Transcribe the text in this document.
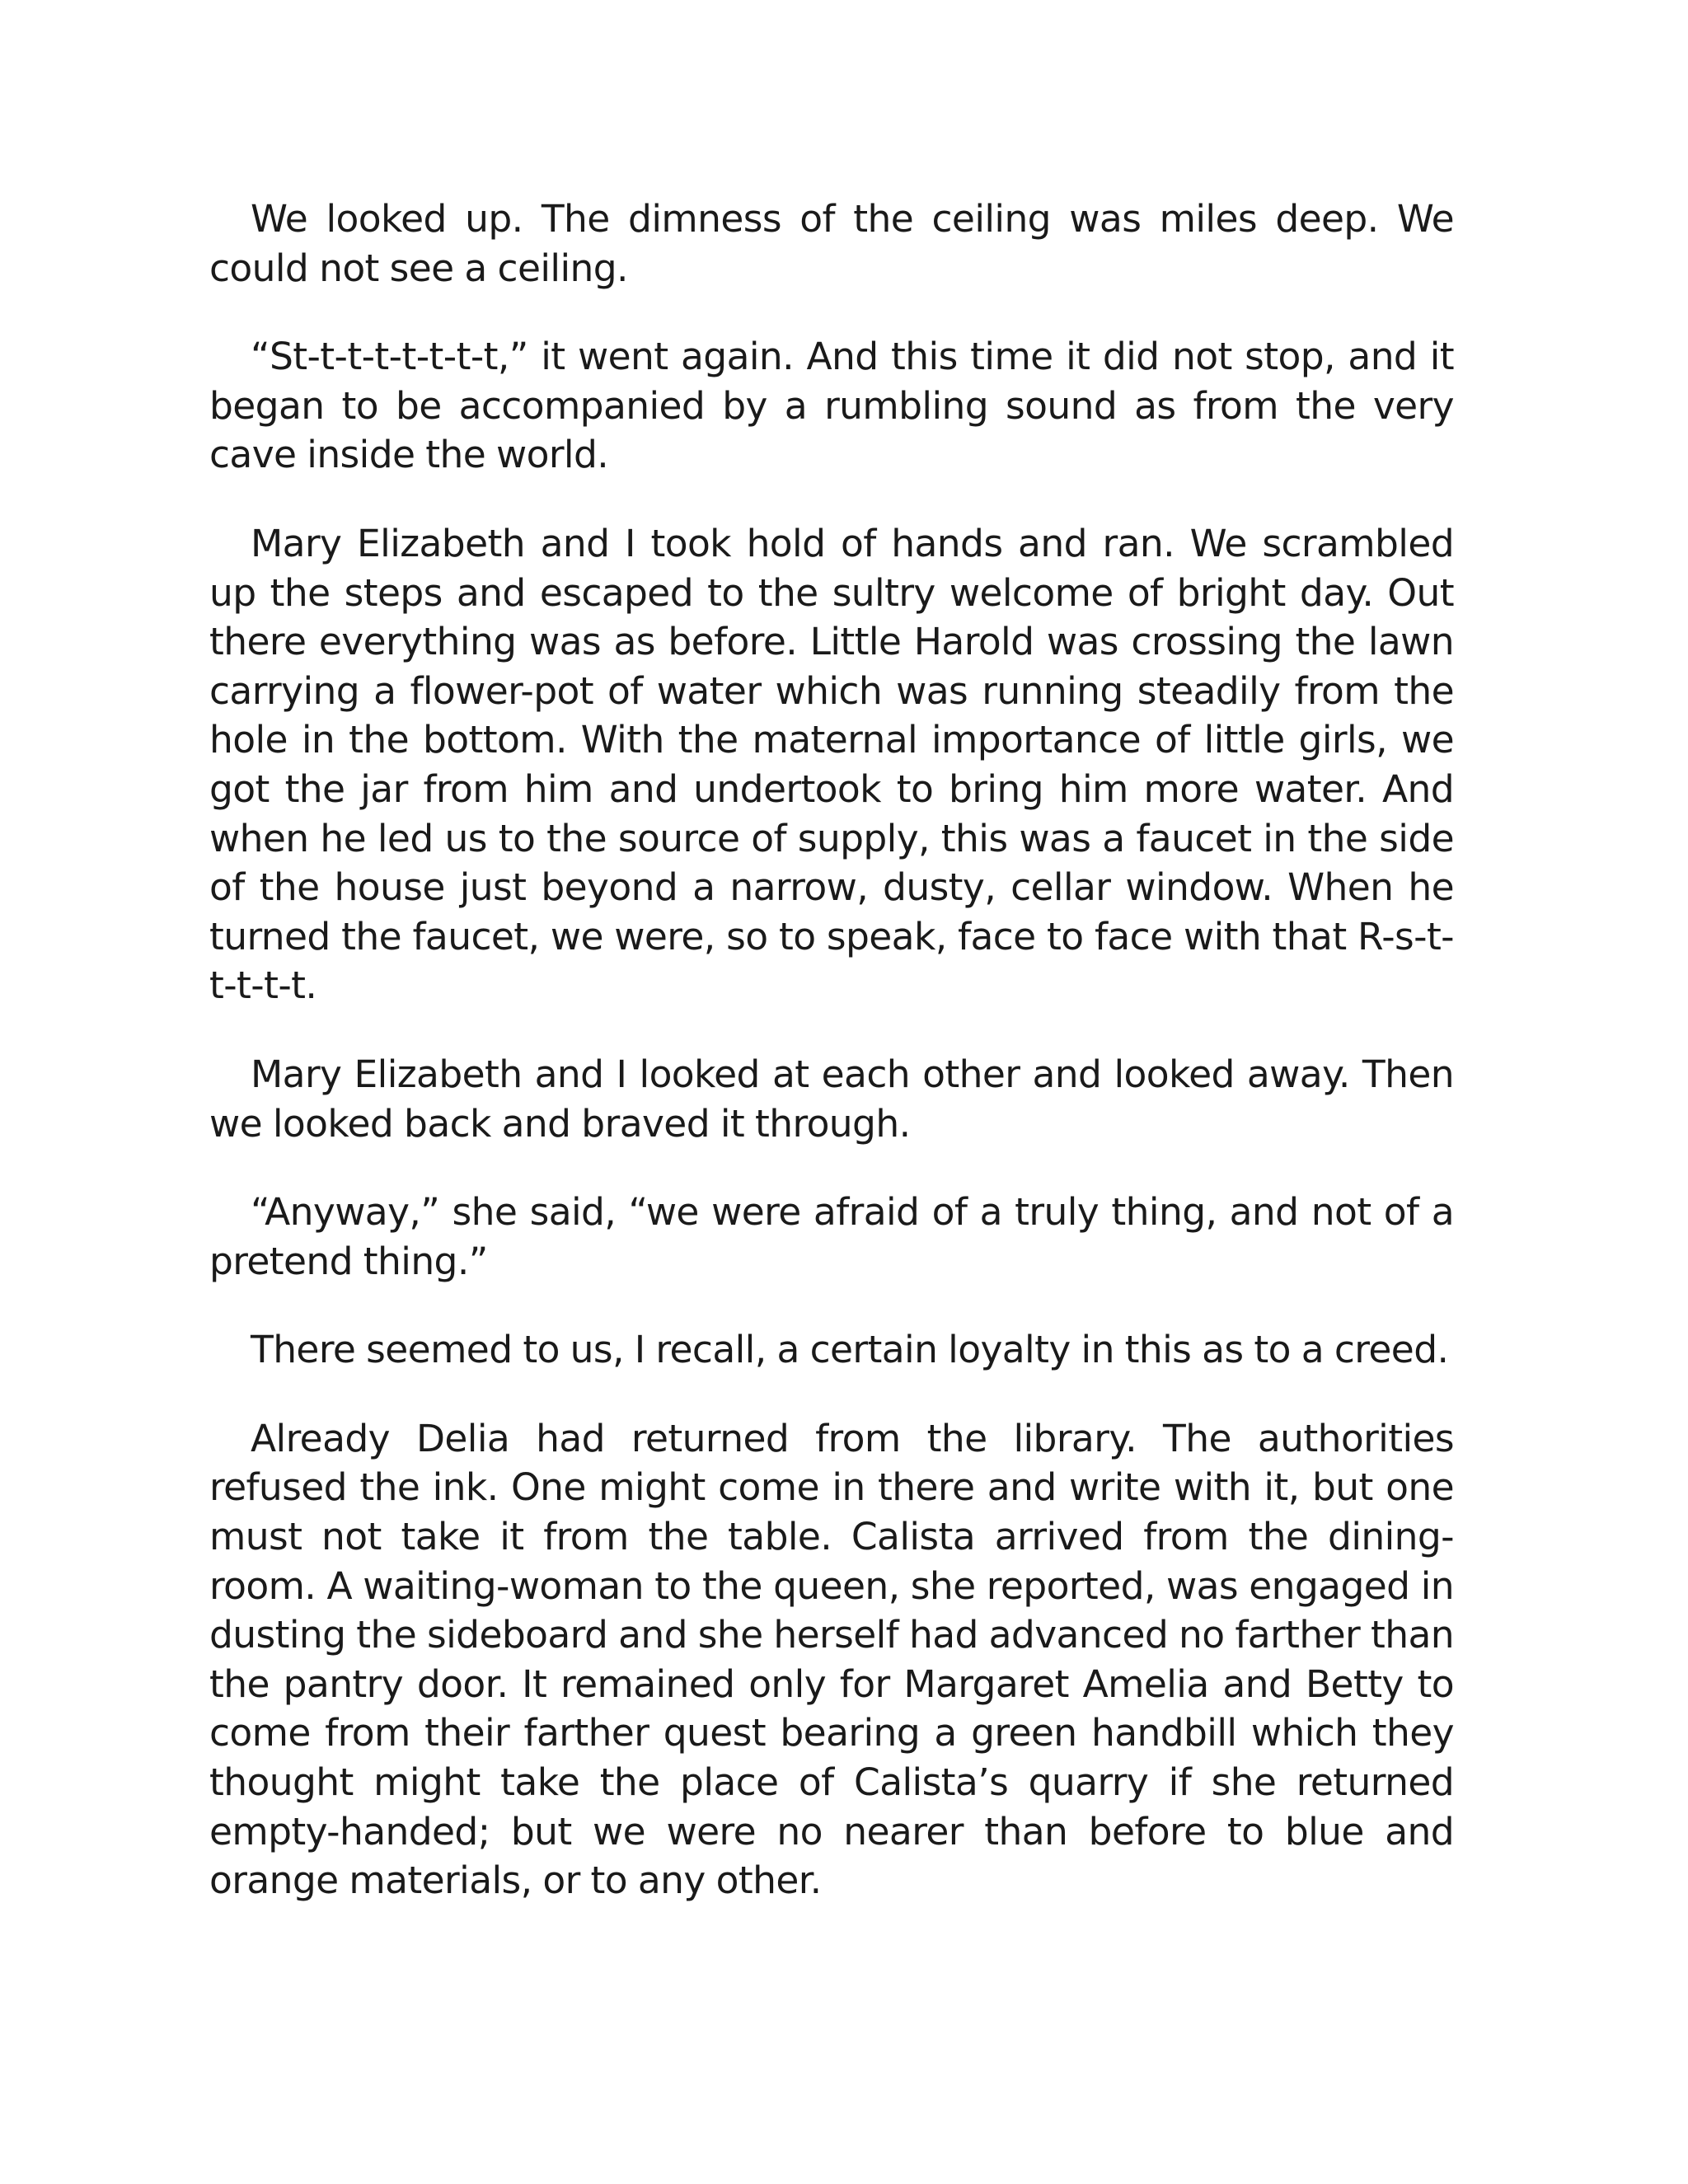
We looked up. The dimness of the ceiling was miles deep. We could not see a ceiling.

“St-t-t-t-t-t-t-t,” it went again. And this time it did not stop, and it began to be accompanied by a rumbling sound as from the very cave inside the world.

Mary Elizabeth and I took hold of hands and ran. We scrambled up the steps and escaped to the sultry welcome of bright day. Out there everything was as before. Little Harold was crossing the lawn carrying a flower-pot of water which was running steadily from the hole in the bottom. With the maternal importance of little girls, we got the jar from him and undertook to bring him more water. And when he led us to the source of supply, this was a faucet in the side of the house just beyond a narrow, dusty, cellar window. When he turned the faucet, we were, so to speak, face to face with that R-s-t-t-t-t-t.

Mary Elizabeth and I looked at each other and looked away. Then we looked back and braved it through.

“Anyway,” she said, “we were afraid of a truly thing, and not of a pretend thing.”

There seemed to us, I recall, a certain loyalty in this as to a creed.

Already Delia had returned from the library. The authorities refused the ink. One might come in there and write with it, but one must not take it from the table. Calista arrived from the dining-room. A waiting-woman to the queen, she reported, was engaged in dusting the sideboard and she herself had advanced no farther than the pantry door. It remained only for Margaret Amelia and Betty to come from their farther quest bearing a green handbill which they thought might take the place of Calista’s quarry if she returned empty-handed; but we were no nearer than before to blue and orange materials, or to any other.
